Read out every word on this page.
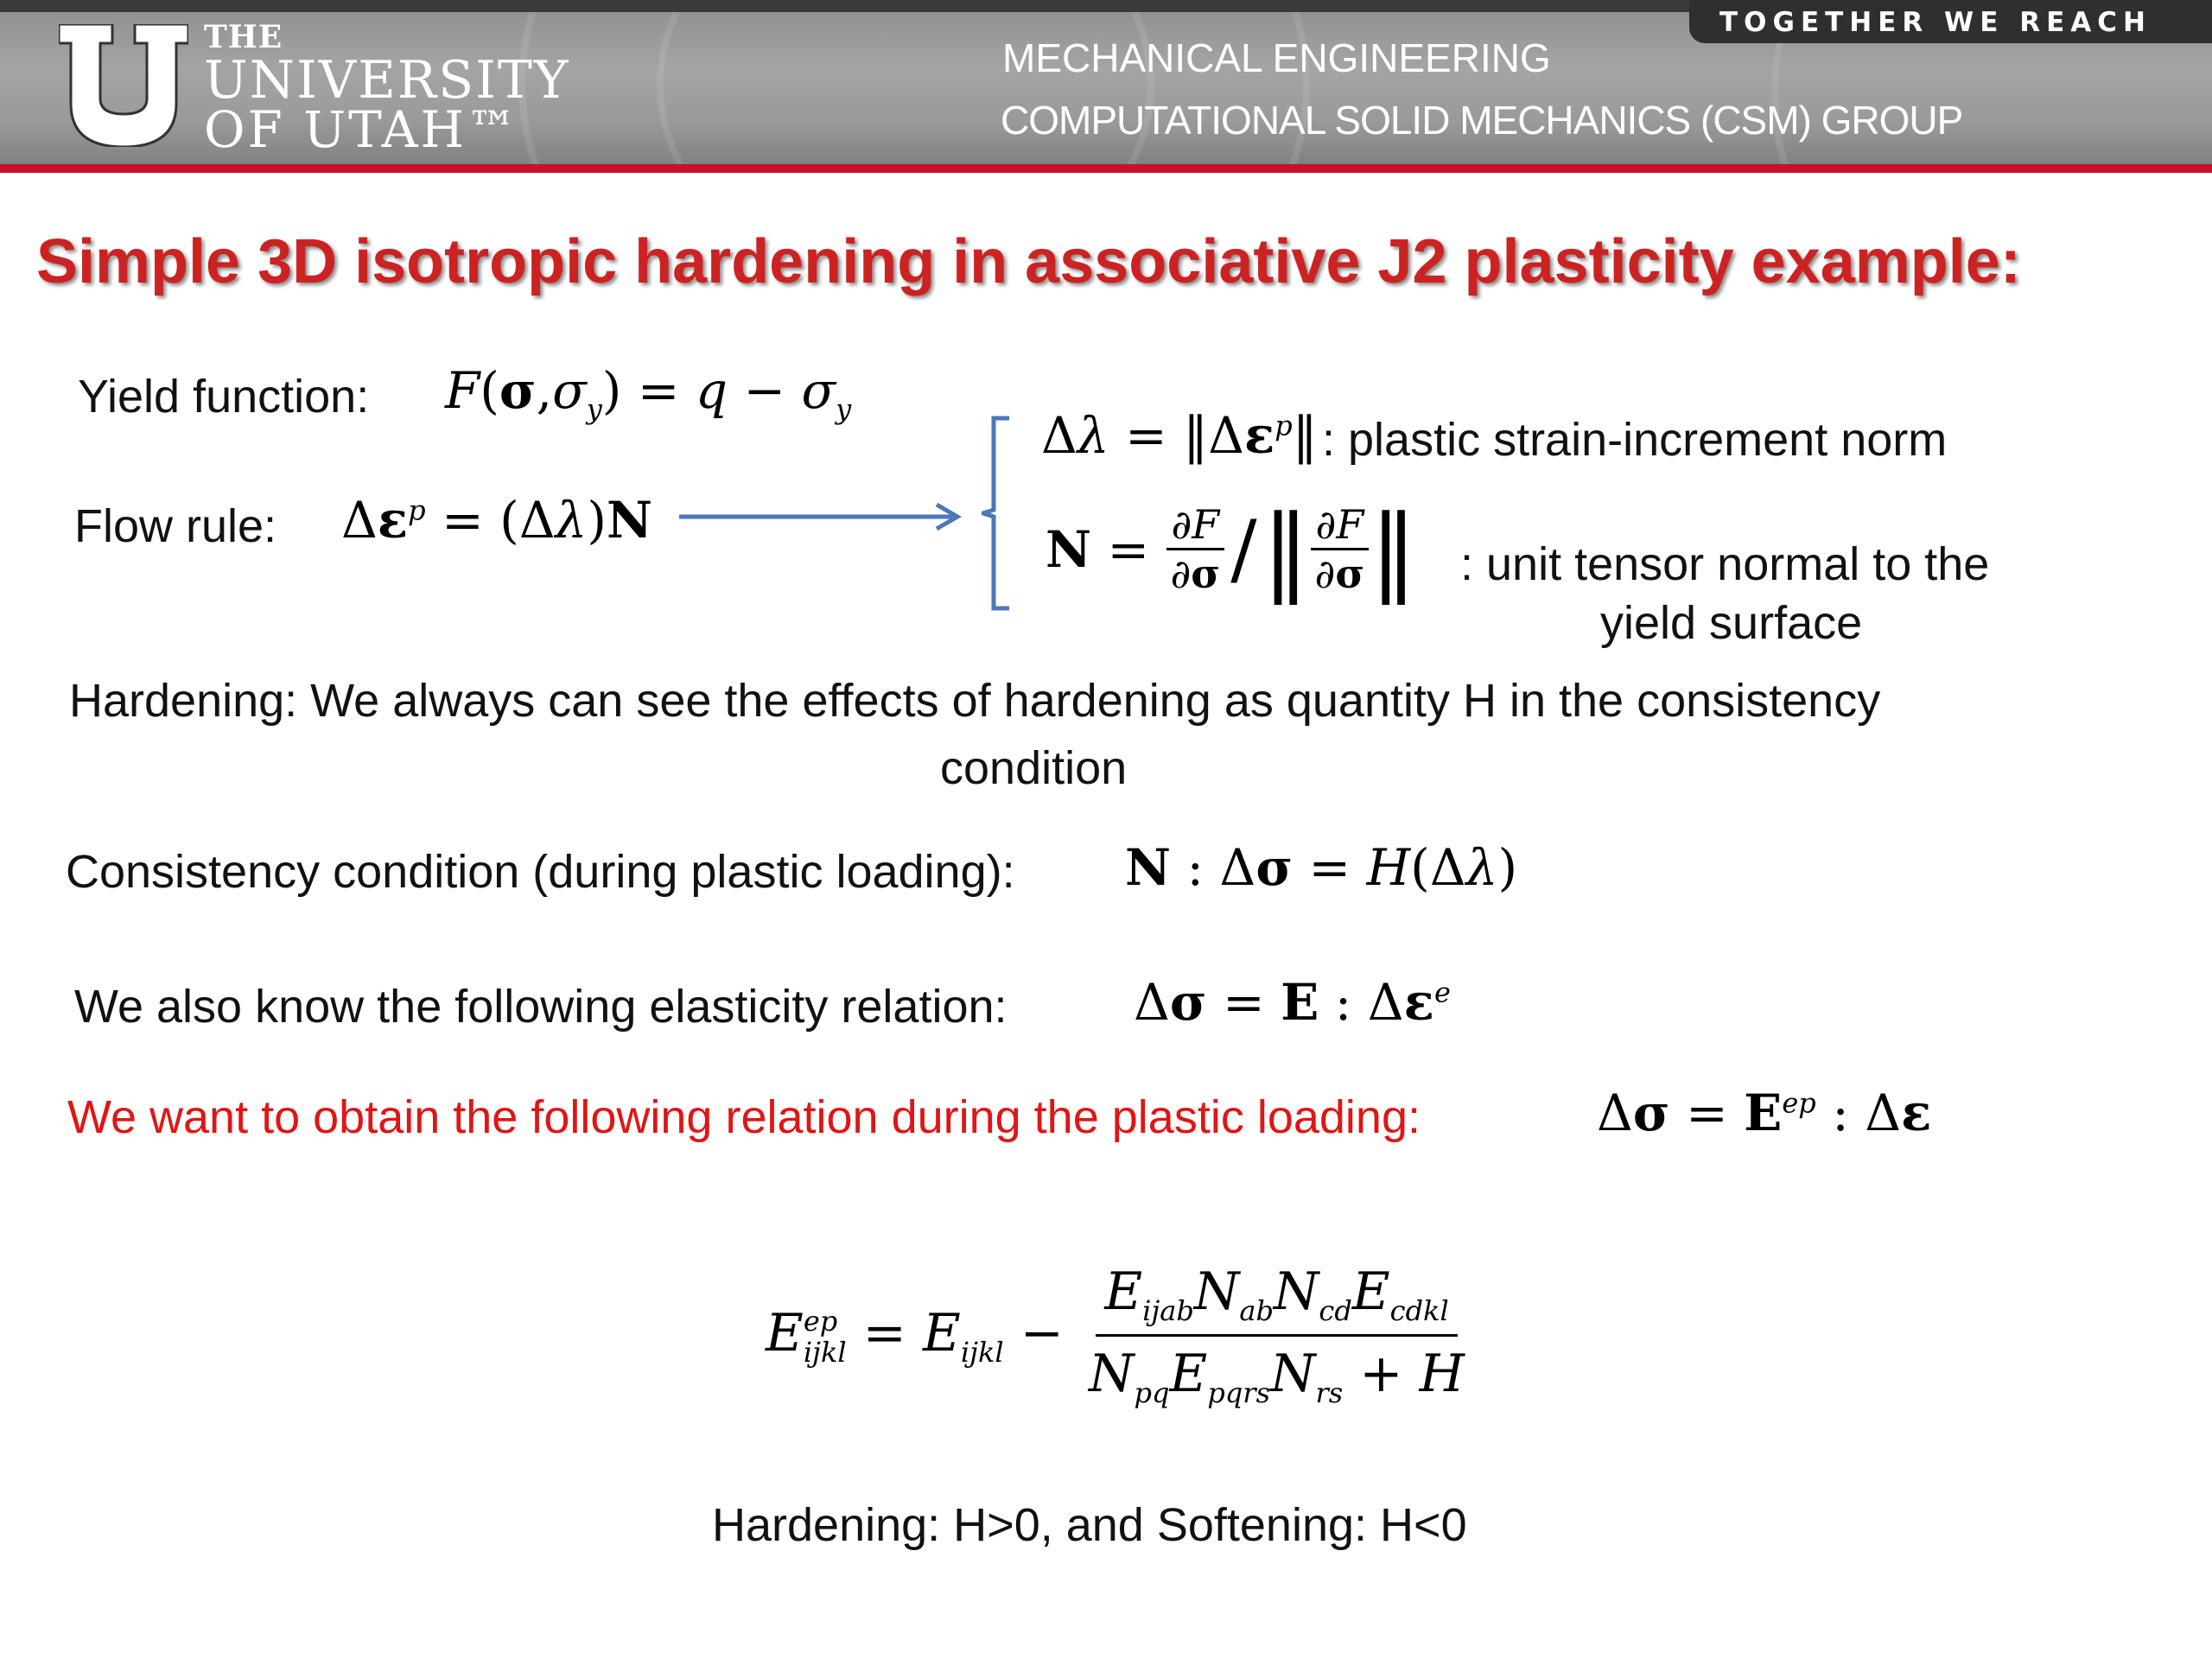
TOGETHER WE REACH
THE
UNIVERSITY
OF UTAH™
MECHANICAL ENGINEERING
COMPUTATIONAL SOLID MECHANICS (CSM) GROUP
Simple 3D isotropic hardening in associative J2 plasticity example:
Yield function: $F(\sigma,\sigma_y) = q - \sigma_y$
Flow rule: $\Delta\varepsilon^p = (\Delta\lambda)N$
$\Delta\lambda = ‖\Delta\varepsilon^p‖$ : plastic strain-increment norm
N = ∂F
∂σ / ‖ ∂F
∂σ ‖ : unit tensor normal to the
yield surface
Hardening: We always can see the effects of hardening as quantity H in the consistency
condition
Consistency condition (during plastic loading): N : Δσ = H(Δλ)
We also know the following elasticity relation:	Δσ = E : $\Delta\varepsilon^e$
We want to obtain the following relation during the plastic loading:	$\Delta\sigma = E^{ep}$ : Δε
E ep
ijkl = $E_{ijkl}$ −
$E_{ijab}N_{ab}N_{cd}E_{cdkl}$
$N_{pq}E_{pqrs}N_{rs} + H$
Hardening: H>0, and Softening: H<0
